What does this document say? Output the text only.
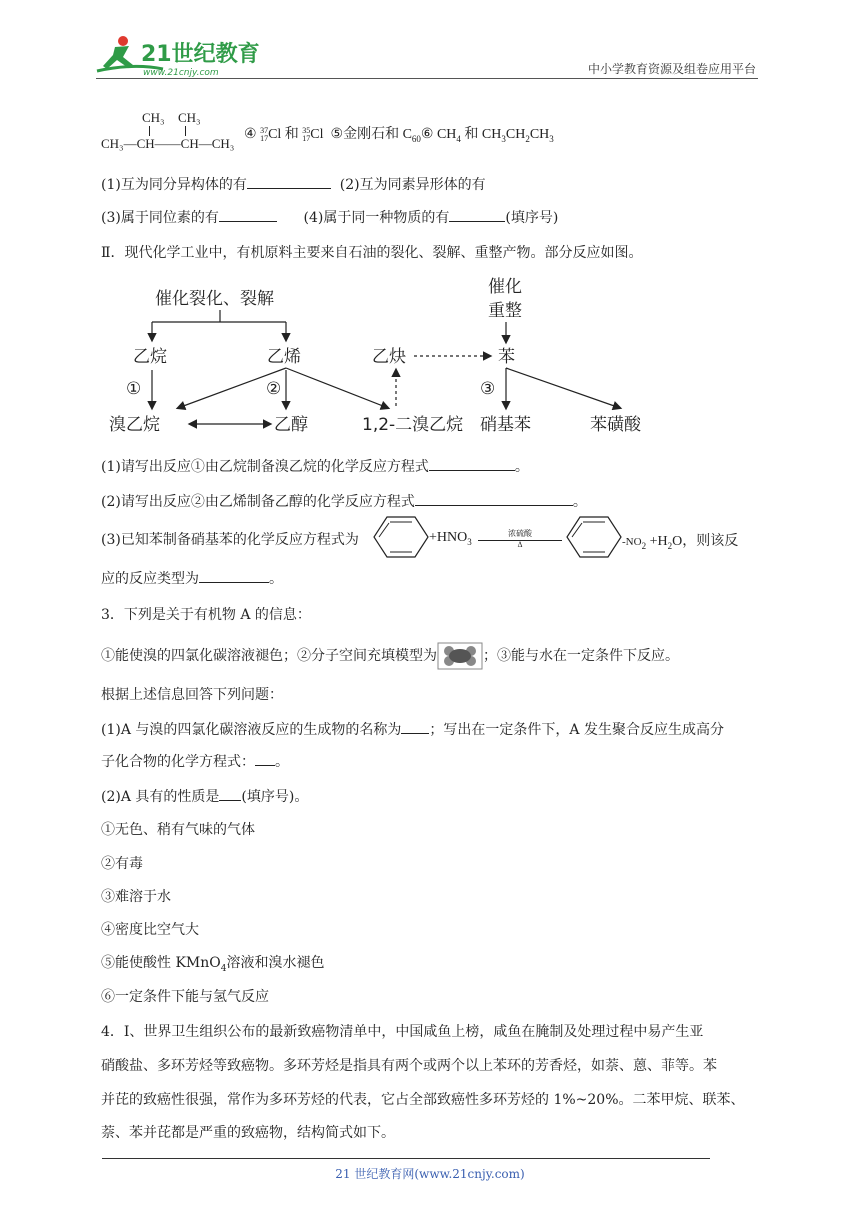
21世纪教育
www.21cnjy.com	中小学教育资源及组卷应用平台
CH₃ CH₃
CH₃—CH——CH—CH₃
④ 37
17 Cl 和 35
17 Cl ⑤金刚石和 $C_{60}⑥$ $CH_4$ 和 $CH_3CH_2CH_3$
(1)互为同分异构体的有	(2)互为同素异形体的有
(3)属于同位素的有	(4)属于同一种物质的有	(填序号)
Ⅱ．现代化学工业中，有机原料主要来自石油的裂化、裂解、重整产物。部分反应如图。
催化裂化、裂解
催化
重整
乙烷	乙烯	乙炔	苯
①	②	③
溴乙烷	乙醇	1,2-二溴乙烷 硝基苯	苯磺酸
(1)请写出反应①由乙烷制备溴乙烷的化学反应方程式	。
(2)请写出反应②由乙烯制备乙醇的化学反应方程式	。
(3)已知苯制备硝基苯的化学反应方程式为	$+HNO_3$
浓硫酸
Δ	$-NO_2 +H_2O$，则该反
应的反应类型为	。
3．下列是关于有机物 A 的信息：
①能使溴的四氯化碳溶液褪色；②分子空间充填模型为	；③能与水在一定条件下反应。
根据上述信息回答下列问题：
(1)A 与溴的四氯化碳溶液反应的生成物的名称为 ；写出在一定条件下，A 发生聚合反应生成高分
子化合物的化学方程式： 。
(2)A 具有的性质是 (填序号)。
①无色、稍有气味的气体
②有毒
③难溶于水
④密度比空气大
⑤能使酸性 KMnO$_4$溶液和溴水褪色
⑥一定条件下能与氢气反应
4．Ⅰ、世界卫生组织公布的最新致癌物清单中，中国咸鱼上榜，咸鱼在腌制及处理过程中易产生亚
硝酸盐、多环芳烃等致癌物。多环芳烃是指具有两个或两个以上苯环的芳香烃，如萘、蒽、菲等。苯
并芘的致癌性很强，常作为多环芳烃的代表，它占全部致癌性多环芳烃的 1%~20%。二苯甲烷、联苯、
萘、苯并芘都是严重的致癌物，结构简式如下。
21 世纪教育网(www.21cnjy.com)
